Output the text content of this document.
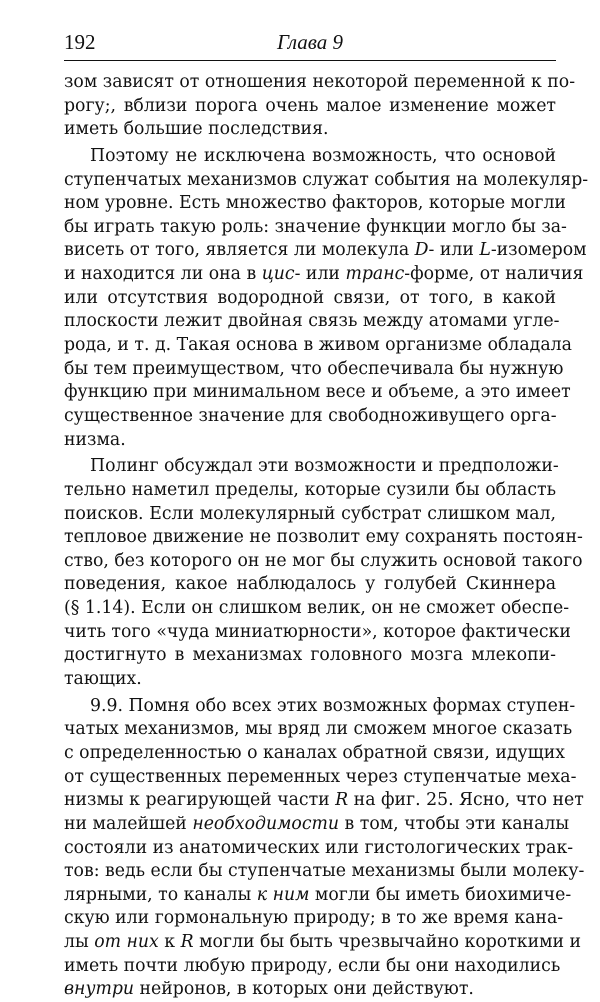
192	Глава 9
зом зависят от отношения некоторой переменной к по-
рогу;, вблизи порога очень малое изменение может
иметь большие последствия.
Поэтому не исключена возможность, что основой
ступенчатых механизмов служат события на молекуляр-
ном уровне. Есть множество факторов, которые могли
бы играть такую роль: значение функции могло бы за-
висеть от того, является ли молекула D- или L-изомером
и находится ли она в цис- или транс-форме, от наличия
или отсутствия водородной связи, от того, в какой
плоскости лежит двойная связь между атомами угле-
рода, и т. д. Такая основа в живом организме обладала
бы тем преимуществом, что обеспечивала бы нужную
функцию при минимальном весе и объеме, а это имеет
существенное значение для свободноживущего орга-
низма.
Полинг обсуждал эти возможности и предположи-
тельно наметил пределы, которые сузили бы область
поисков. Если молекулярный субстрат слишком мал,
тепловое движение не позволит ему сохранять постоян-
ство, без которого он не мог бы служить основой такого
поведения, какое наблюдалось у голубей Скиннера
(§ 1.14). Если он слишком велик, он не сможет обеспе-
чить того «чуда миниатюрности», которое фактически
достигнуто в механизмах головного мозга млекопи-
тающих.
9.9. Помня обо всех этих возможных формах ступен-
чатых механизмов, мы вряд ли сможем многое сказать
с определенностью о каналах обратной связи, идущих
от существенных переменных через ступенчатые меха-
низмы к реагирующей части R на фиг. 25. Ясно, что нет
ни малейшей необходимости в том, чтобы эти каналы
состояли из анатомических или гистологических трак-
тов: ведь если бы ступенчатые механизмы были молеку-
лярными, то каналы к ним могли бы иметь биохимиче-
скую или гормональную природу; в то же время кана-
лы от них к R могли бы быть чрезвычайно короткими и
иметь почти любую природу, если бы они находились
внутри нейронов, в которых они действуют.
